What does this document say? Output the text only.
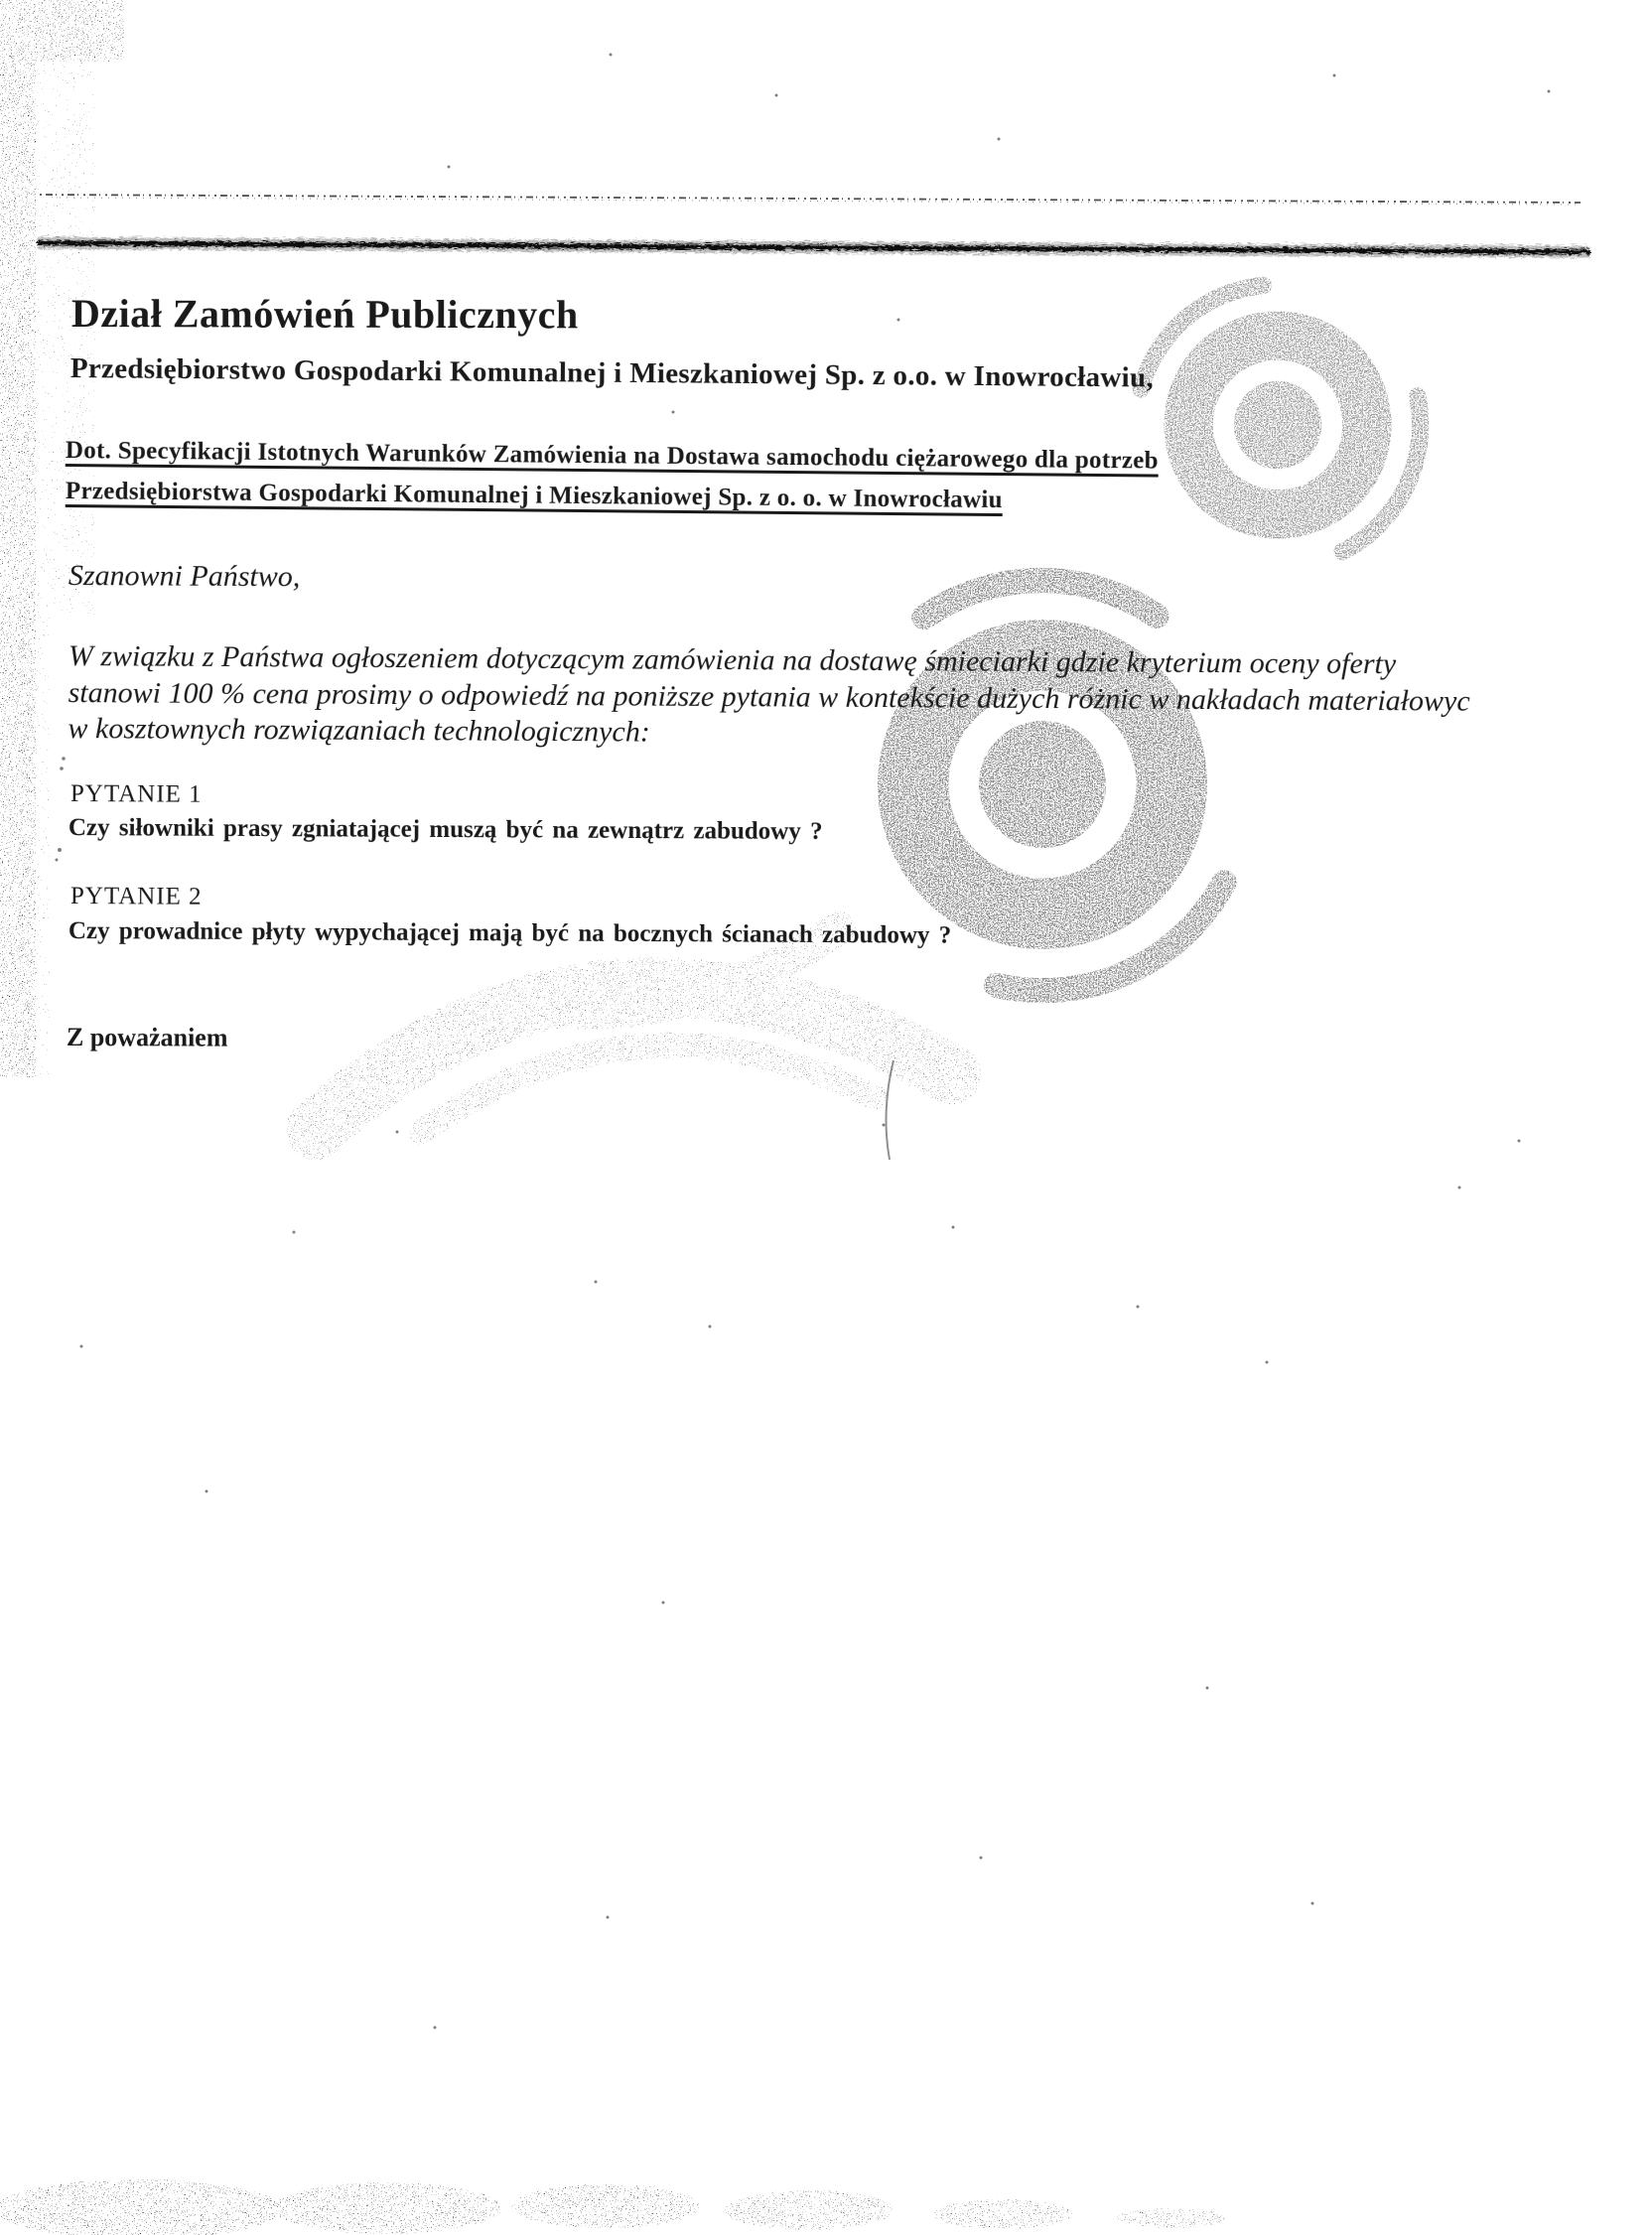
Dział Zamówień Publicznych
Przedsiębiorstwo Gospodarki Komunalnej i Mieszkaniowej Sp. z o.o. w Inowrocławiu,
Dot. Specyfikacji Istotnych Warunków Zamówienia na Dostawa samochodu ciężarowego dla potrzeb
Przedsiębiorstwa Gospodarki Komunalnej i Mieszkaniowej Sp. z o. o. w Inowrocławiu
Szanowni Państwo,
W związku z Państwa ogłoszeniem dotyczącym zamówienia na dostawę śmieciarki gdzie kryterium oceny oferty
stanowi 100 % cena prosimy o odpowiedź na poniższe pytania w kontekście dużych różnic w nakładach materiałowyc
w kosztownych rozwiązaniach technologicznych:
PYTANIE 1
Czy siłowniki prasy zgniatającej muszą być na zewnątrz zabudowy ?
PYTANIE 2
Czy prowadnice płyty wypychającej mają być na bocznych ścianach zabudowy ?
Z poważaniem
